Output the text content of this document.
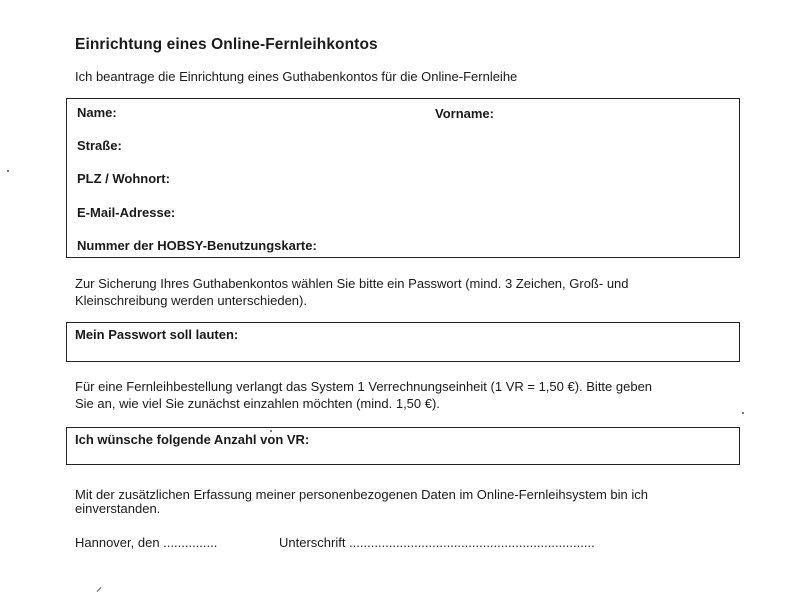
Einrichtung eines Online-Fernleihkontos
Ich beantrage die Einrichtung eines Guthabenkontos für die Online-Fernleihe
Name:	Vorname:
Straße:
PLZ / Wohnort:
E-Mail-Adresse:
Nummer der HOBSY-Benutzungskarte:
Zur Sicherung Ihres Guthabenkontos wählen Sie bitte ein Passwort (mind. 3 Zeichen, Groß- und
Kleinschreibung werden unterschieden).
Mein Passwort soll lauten:
Für eine Fernleihbestellung verlangt das System 1 Verrechnungseinheit (1 VR = 1,50 €). Bitte geben
Sie an, wie viel Sie zunächst einzahlen möchten (mind. 1,50 €).
Ich wünsche folgende Anzahl von VR:
Mit der zusätzlichen Erfassung meiner personenbezogenen Daten im Online-Fernleihsystem bin ich
einverstanden.
Hannover, den ...............	Unterschrift ....................................................................
